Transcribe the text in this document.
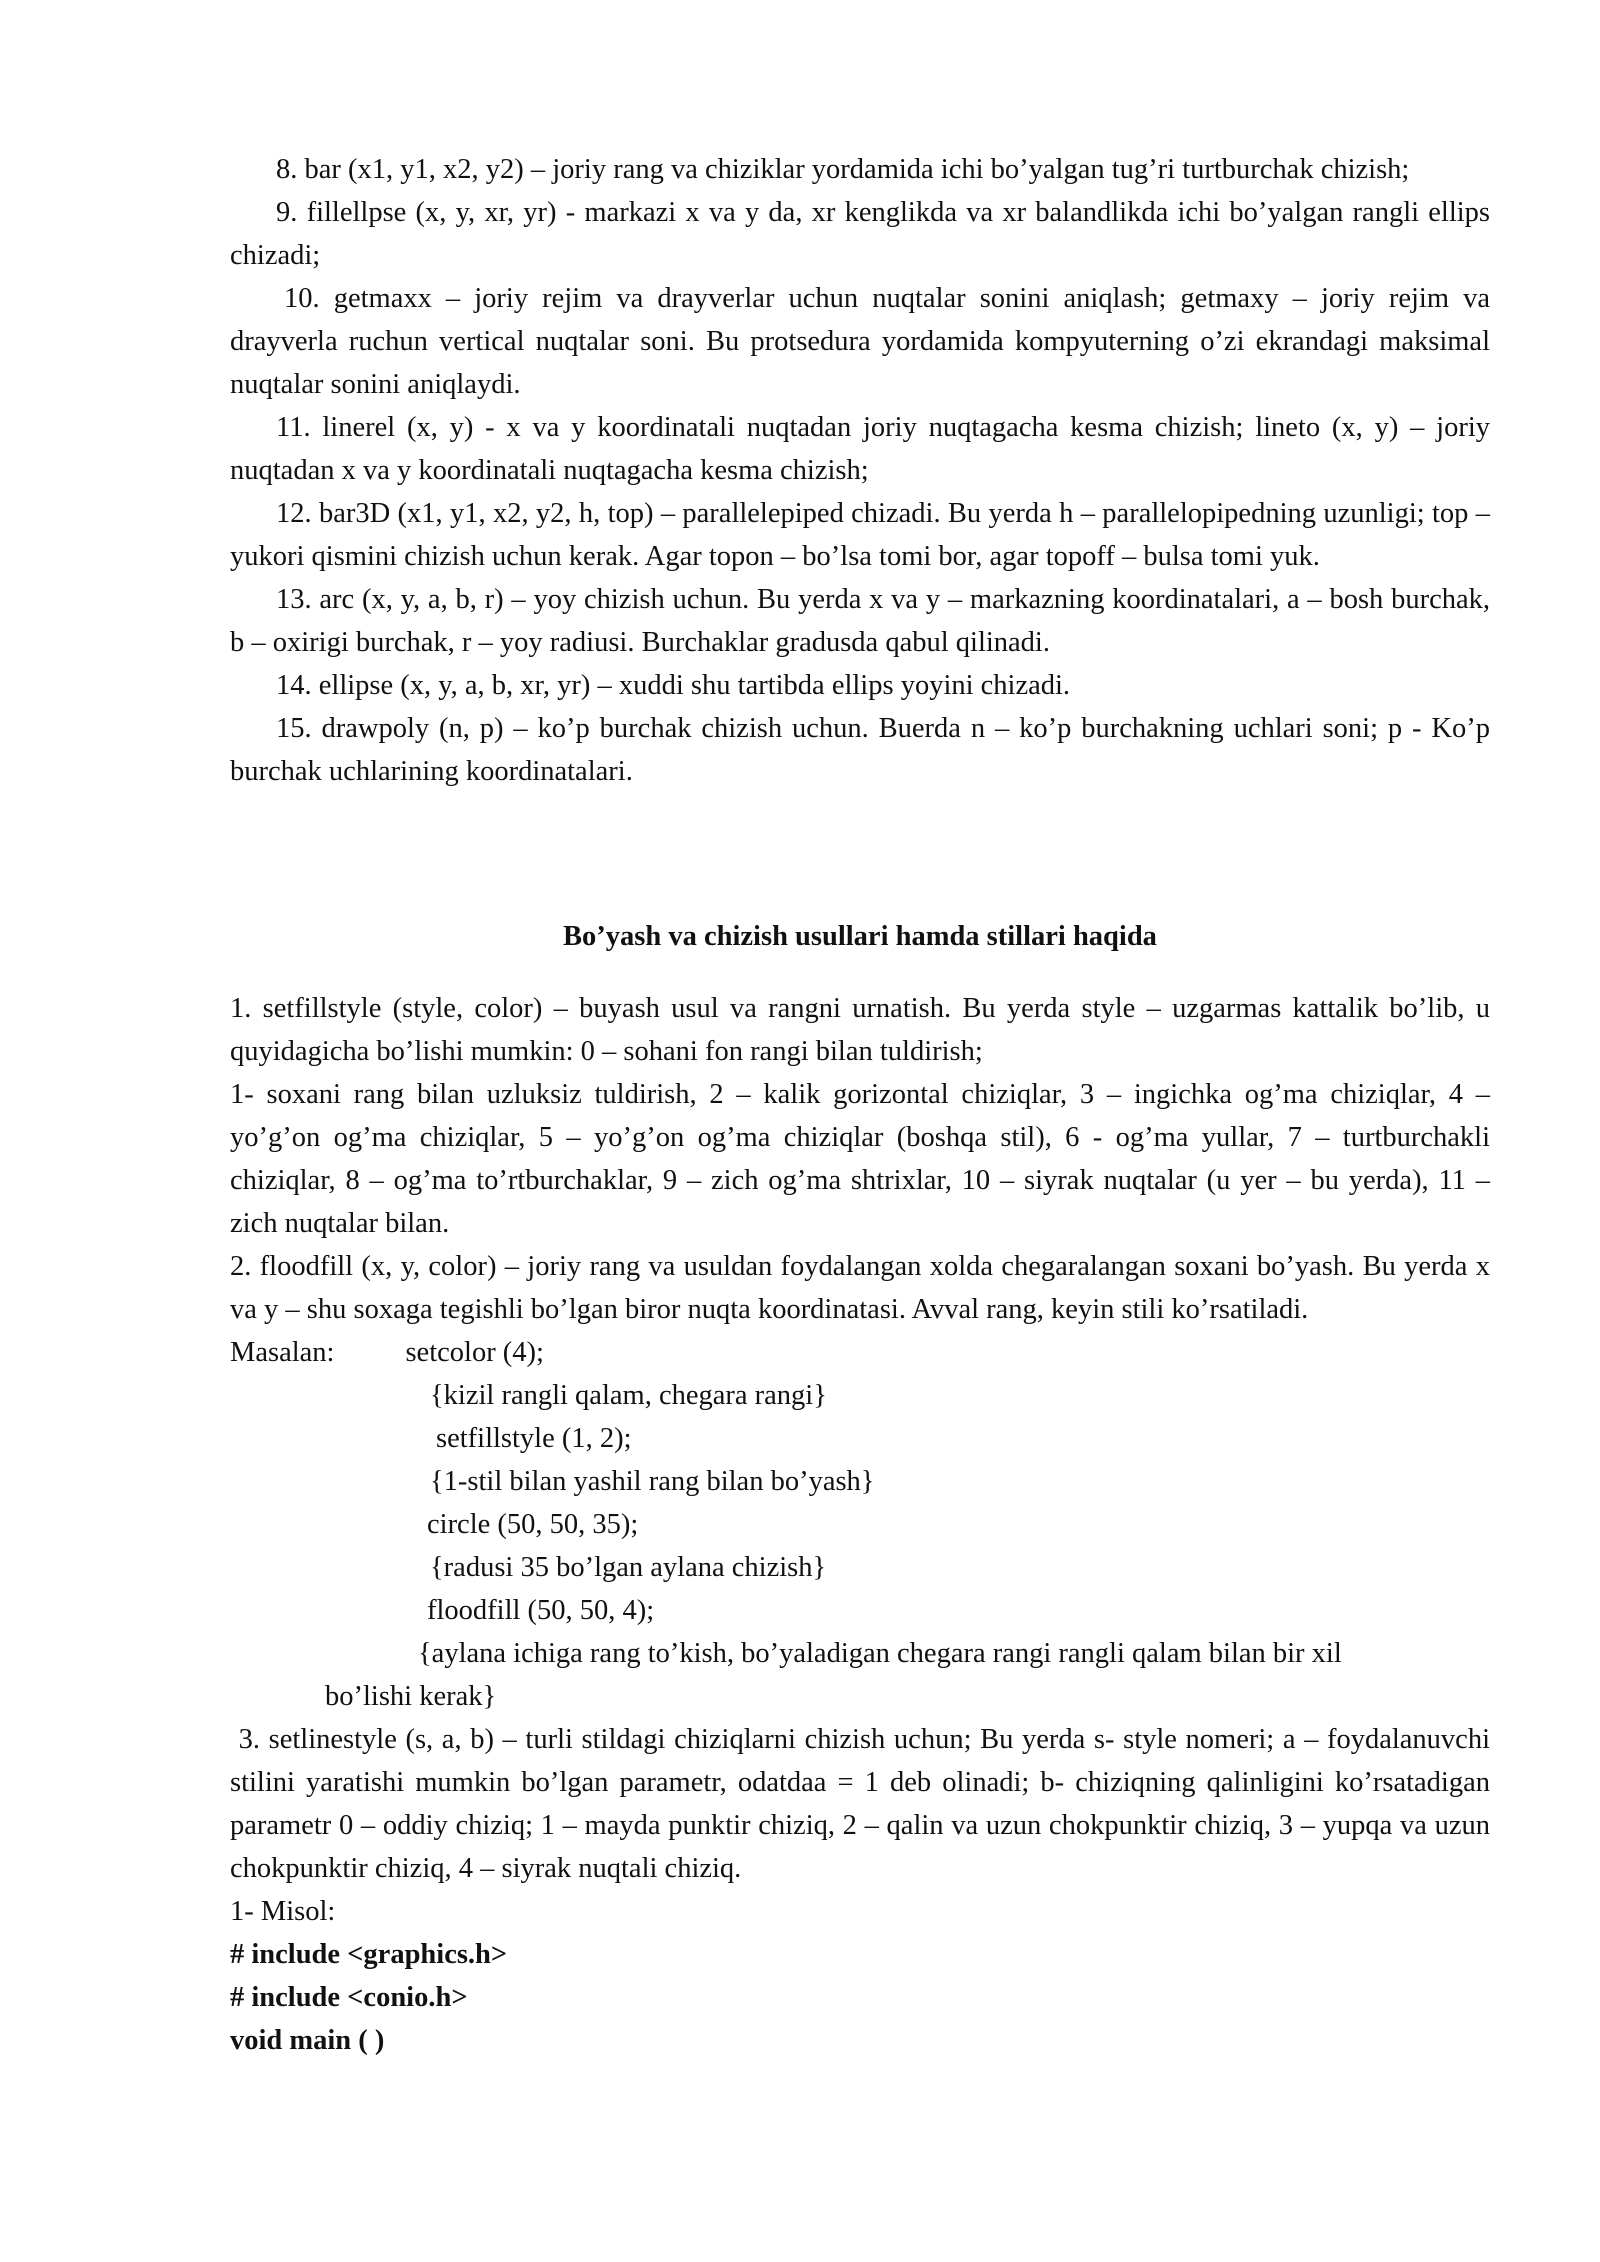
8. bar (x1, y1, x2, y2) – joriy rang va chiziklar yordamida ichi bo’yalgan tug’ri turtburchak chizish;

9. fillellpse (x, y, xr, yr) - markazi x va y da, xr kenglikda va xr balandlikda ichi bo’yalgan rangli ellips chizadi;

10. getmaxx – joriy rejim va drayverlar uchun nuqtalar sonini aniqlash; getmaxy – joriy rejim va drayverla ruchun vertical nuqtalar soni. Bu protsedura yordamida kompyuterning o’zi ekrandagi maksimal nuqtalar sonini aniqlaydi.

11. linerel (x, y) - x va y koordinatali nuqtadan joriy nuqtagacha kesma chizish; lineto (x, y) – joriy nuqtadan x va y koordinatali nuqtagacha kesma chizish;

12. bar3D (x1, y1, x2, y2, h, top) – parallelepiped chizadi. Bu yerda h – parallelopipedning uzunligi; top – yukori qismini chizish uchun kerak. Agar topon – bo’lsa tomi bor, agar topoff – bulsa tomi yuk.

13. arc (x, y, a, b, r) – yoy chizish uchun. Bu yerda x va y – markazning koordinatalari, a – bosh burchak, b – oxirigi burchak, r – yoy radiusi. Burchaklar gradusda qabul qilinadi.

14. ellipse (x, y, a, b, xr, yr) – xuddi shu tartibda ellips yoyini chizadi.

15. drawpoly (n, p) – ko’p burchak chizish uchun. Buerda n – ko’p burchakning uchlari soni; p - Ko’p burchak uchlarining koordinatalari.

Bo’yash va chizish usullari hamda stillari haqida

1. setfillstyle (style, color) – buyash usul va rangni urnatish. Bu yerda style – uzgarmas kattalik bo’lib, u quyidagicha bo’lishi mumkin: 0 – sohani fon rangi bilan tuldirish;

1- soxani rang bilan uzluksiz tuldirish, 2 – kalik gorizontal chiziqlar, 3 – ingichka og’ma chiziqlar, 4 – yo’g’on og’ma chiziqlar, 5 – yo’g’on og’ma chiziqlar (boshqa stil), 6 - og’ma yullar, 7 – turtburchakli chiziqlar, 8 – og’ma to’rtburchaklar, 9 – zich og’ma shtrixlar, 10 – siyrak nuqtalar (u yer – bu yerda), 11 – zich nuqtalar bilan.

2. floodfill (x, y, color) – joriy rang va usuldan foydalangan xolda chegaralangan soxani bo’yash. Bu yerda x va y – shu soxaga tegishli bo’lgan biror nuqta koordinatasi. Avval rang, keyin stili ko’rsatiladi.

Masalan: setcolor (4);

{kizil rangli qalam, chegara rangi}

setfillstyle (1, 2);

{1-stil bilan yashil rang bilan bo’yash}

circle (50, 50, 35);

{radusi 35 bo’lgan aylana chizish}

floodfill (50, 50, 4);

{aylana ichiga rang to’kish, bo’yaladigan chegara rangi rangli qalam bilan bir xil

bo’lishi kerak}

3. setlinestyle (s, a, b) – turli stildagi chiziqlarni chizish uchun; Bu yerda s- style nomeri; a – foydalanuvchi stilini yaratishi mumkin bo’lgan parametr, odatdaa = 1 deb olinadi; b- chiziqning qalinligini ko’rsatadigan parametr 0 – oddiy chiziq; 1 – mayda punktir chiziq, 2 – qalin va uzun chokpunktir chiziq, 3 – yupqa va uzun chokpunktir chiziq, 4 – siyrak nuqtali chiziq.

1- Misol:

# include <graphics.h>

# include <conio.h>

void main ( )
